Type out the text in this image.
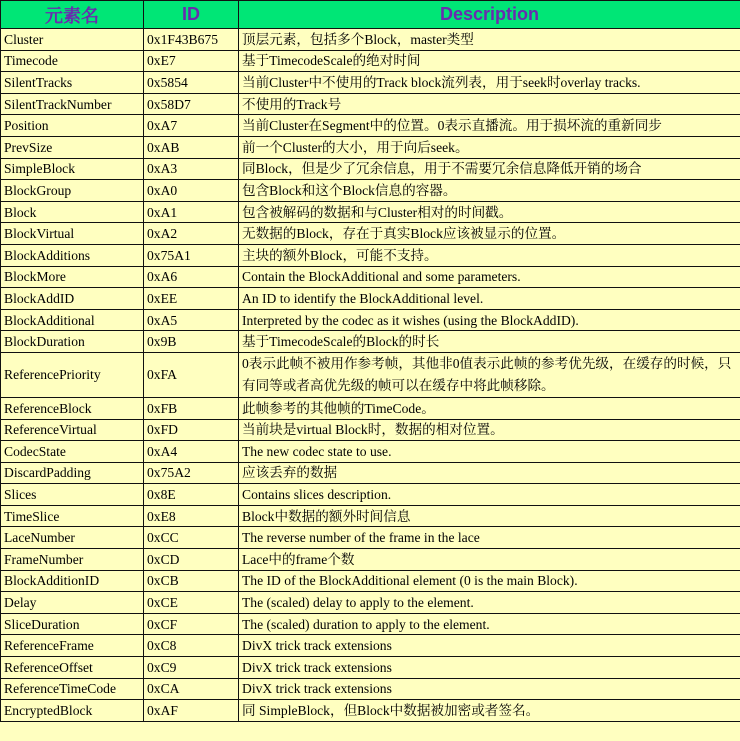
元素名	ID	Description
Cluster	0x1F43B675	顶层元素，包括多个Block，master类型
Timecode	0xE7	基于TimecodeScale的绝对时间
SilentTracks	0x5854	当前Cluster中不使用的Track block流列表，用于seek时overlay tracks.
SilentTrackNumber	0x58D7	不使用的Track号
Position	0xA7	当前Cluster在Segment中的位置。0表示直播流。用于损坏流的重新同步
PrevSize	0xAB	前一个Cluster的大小，用于向后seek。
SimpleBlock	0xA3	同Block，但是少了冗余信息，用于不需要冗余信息降低开销的场合
BlockGroup	0xA0	包含Block和这个Block信息的容器。
Block	0xA1	包含被解码的数据和与Cluster相对的时间戳。
BlockVirtual	0xA2	无数据的Block，存在于真实Block应该被显示的位置。
BlockAdditions	0x75A1	主块的额外Block，可能不支持。
BlockMore	0xA6	Contain the BlockAdditional and some parameters.
BlockAddID	0xEE	An ID to identify the BlockAdditional level.
BlockAdditional	0xA5	Interpreted by the codec as it wishes (using the BlockAddID).
BlockDuration	0x9B	基于TimecodeScale的Block的时长
ReferencePriority	0xFA	0表示此帧不被用作参考帧，其他非0值表示此帧的参考优先级，在缓存的时候，只有同等或者高优先级的帧可以在缓存中将此帧移除。
ReferenceBlock	0xFB	此帧参考的其他帧的TimeCode。
ReferenceVirtual	0xFD	当前块是virtual Block时，数据的相对位置。
CodecState	0xA4	The new codec state to use.
DiscardPadding	0x75A2	应该丢弃的数据
Slices	0x8E	Contains slices description.
TimeSlice	0xE8	Block中数据的额外时间信息
LaceNumber	0xCC	The reverse number of the frame in the lace
FrameNumber	0xCD	Lace中的frame个数
BlockAdditionID	0xCB	The ID of the BlockAdditional element (0 is the main Block).
Delay	0xCE	The (scaled) delay to apply to the element.
SliceDuration	0xCF	The (scaled) duration to apply to the element.
ReferenceFrame	0xC8	DivX trick track extensions
ReferenceOffset	0xC9	DivX trick track extensions
ReferenceTimeCode	0xCA	DivX trick track extensions
EncryptedBlock	0xAF	同 SimpleBlock，但Block中数据被加密或者签名。
